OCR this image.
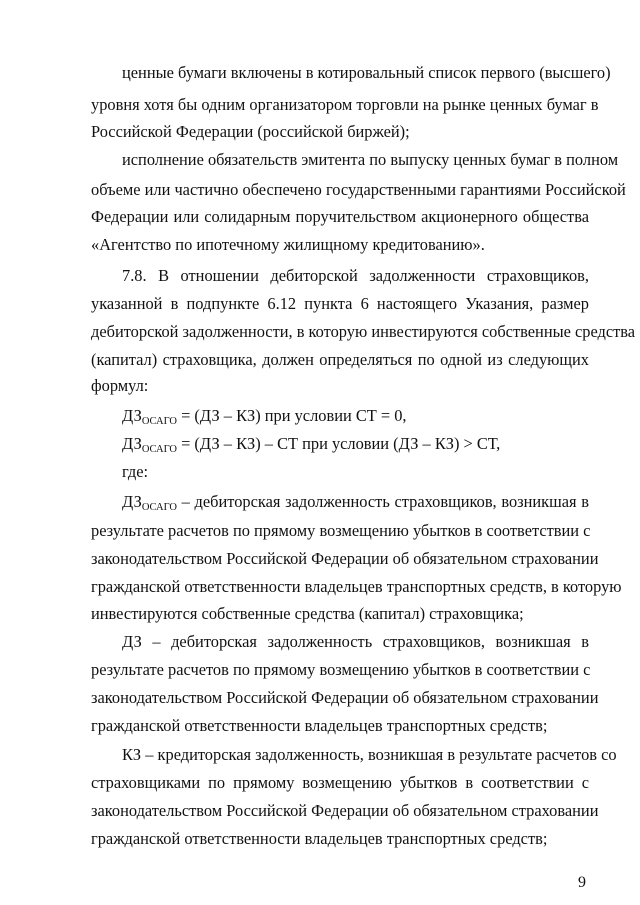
ценные бумаги включены в котировальный список первого (высшего)
уровня хотя бы одним организатором торговли на рынке ценных бумаг в
Российской Федерации (российской биржей);
исполнение обязательств эмитента по выпуску ценных бумаг в полном
объеме или частично обеспечено государственными гарантиями Российской
Федерации или солидарным поручительством акционерного общества
«Агентство по ипотечному жилищному кредитованию».
7.8. В отношении дебиторской задолженности страховщиков,
указанной в подпункте 6.12 пункта 6 настоящего Указания, размер
дебиторской задолженности, в которую инвестируются собственные средства
(капитал) страховщика, должен определяться по одной из следующих
формул:
$ДЗ_{ОСАГО} = (ДЗ - КЗ)$ при условии СТ = 0,
$ДЗ_{ОСАГО} = (ДЗ - КЗ)$ – СТ при условии (ДЗ – КЗ) > СТ,
где:
$ДЗ_{ОСАГО}$ – дебиторская задолженность страховщиков, возникшая в
результате расчетов по прямому возмещению убытков в соответствии с
законодательством Российской Федерации об обязательном страховании
гражданской ответственности владельцев транспортных средств, в которую
инвестируются собственные средства (капитал) страховщика;
ДЗ – дебиторская задолженность страховщиков, возникшая в
результате расчетов по прямому возмещению убытков в соответствии с
законодательством Российской Федерации об обязательном страховании
гражданской ответственности владельцев транспортных средств;
КЗ – кредиторская задолженность, возникшая в результате расчетов со
страховщиками по прямому возмещению убытков в соответствии с
законодательством Российской Федерации об обязательном страховании
гражданской ответственности владельцев транспортных средств;
9
